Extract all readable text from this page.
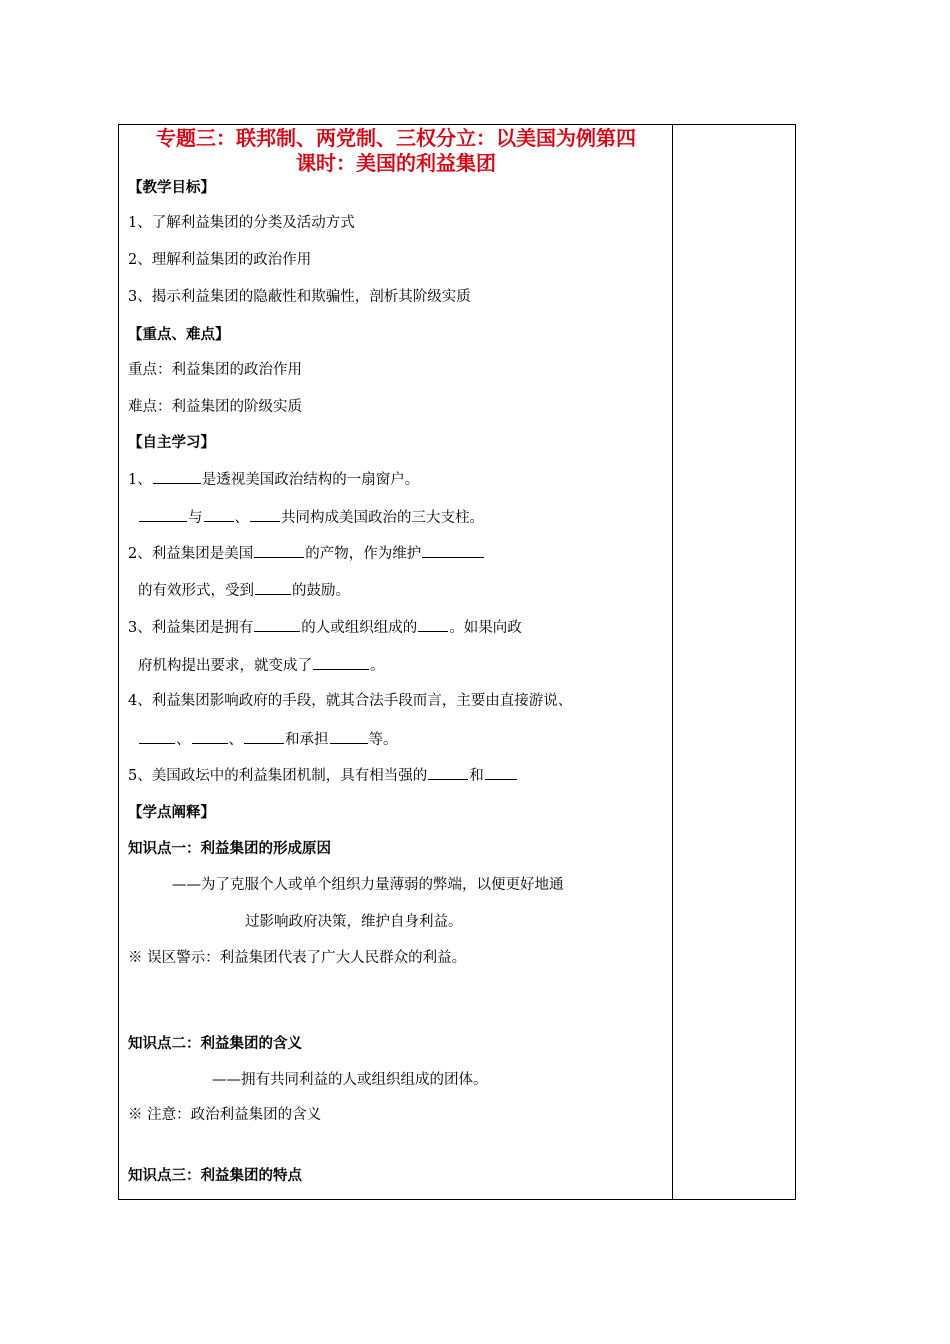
专题三：联邦制、两党制、三权分立：以美国为例第四
课时：美国的利益集团
【教学目标】
1、了解利益集团的分类及活动方式
2、理解利益集团的政治作用
3、揭示利益集团的隐蔽性和欺骗性，剖析其阶级实质
【重点、难点】
重点：利益集团的政治作用
难点：利益集团的阶级实质
【自主学习】
1、	是透视美国政治结构的一扇窗户。
与 、 共同构成美国政治的三大支柱。
2、利益集团是美国	的产物，作为维护
的有效形式，受到	的鼓励。
3、利益集团是拥有	的人或组织组成的 。如果向政
府机构提出要求，就变成了	。
4、利益集团影响政府的手段，就其合法手段而言，主要由直接游说、
、	、	和承担	等。
5、美国政坛中的利益集团机制，具有相当强的	和
【学点阐释】
知识点一：利益集团的形成原因
——为了克服个人或单个组织力量薄弱的弊端，以便更好地通
过影响政府决策，维护自身利益。
※ 误区警示：利益集团代表了广大人民群众的利益。
知识点二：利益集团的含义
——拥有共同利益的人或组织组成的团体。
※ 注意：政治利益集团的含义
知识点三：利益集团的特点
